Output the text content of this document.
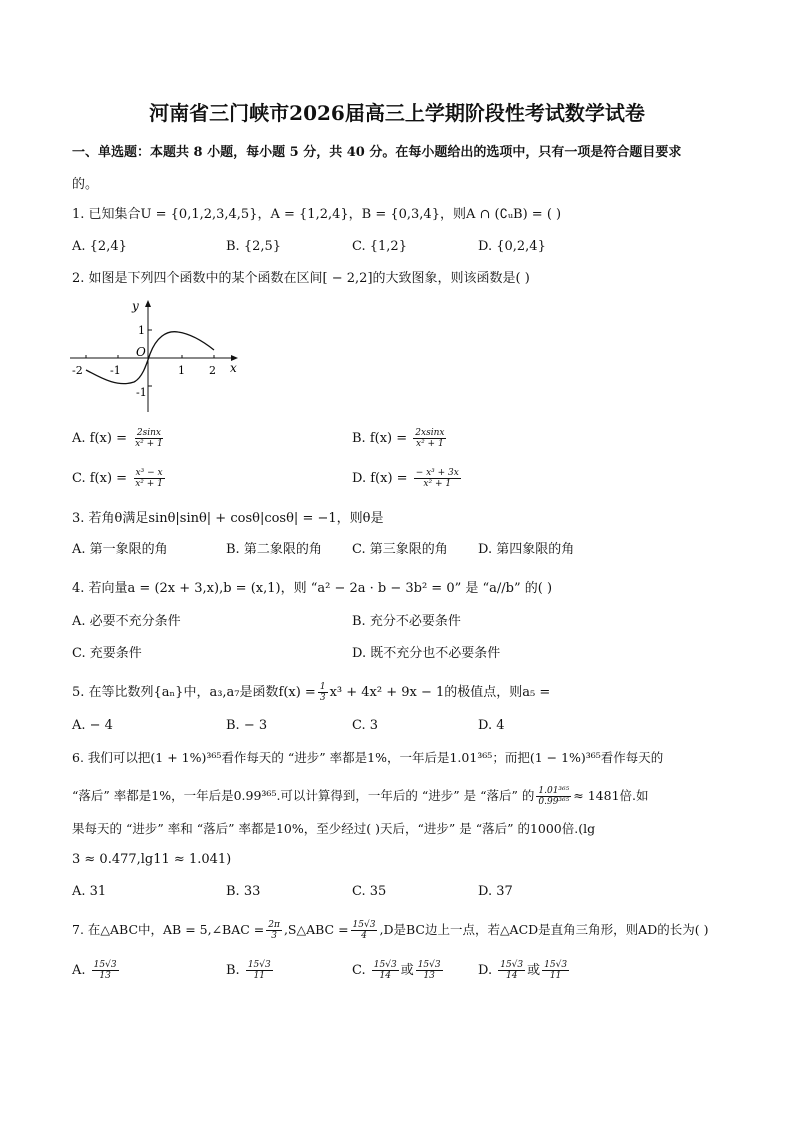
河南省三门峡市2026届高三上学期阶段性考试数学试卷
一、单选题：本题共 8 小题，每小题 5 分，共 40 分。在每小题给出的选项中，只有一项是符合题目要求
的。
1. 已知集合U = {0,1,2,3,4,5}，A = {1,2,4}，B = {0,3,4}，则A ∩ (∁ᵤB) = ( )
A. {2,4}	B. {2,5}	C. {1,2}	D. {0,2,4}
2. 如图是下列四个函数中的某个函数在区间[ − 2,2]的大致图象，则该函数是( )
y
x
O
-2 -1	1 2
1
-1
A. $f(x) = \frac{2\sin x}{\text{x² + 1}}$	B. $f(x) = \frac{2xsinx}{\text{x² + 1}}$
C. $f(x) = \frac{\text{x³ − x}}{\text{x² + 1}}$	D. $f(x) = \frac{\text{− x³ + 3x}}{\text{x² + 1}}$
3. 若角θ满足sinθ|sinθ| + cosθ|cosθ| = −1，则θ是
A. 第一象限的角	B. 第二象限的角 C. 第三象限的角 D. 第四象限的角
4. 若向量a = (2x + 3,x),b = (x,1)，则 “a² − 2a · b − 3b² = 0” 是 “a//b” 的( )
A. 必要不充分条件	B. 充分不必要条件
C. 充要条件	D. 既不充分也不必要条件
5. 在等比数列{aₙ}中，a₃,a₇是函数$f(x) = \frac{1}{3} x^3 + 4x^2 + 9x - 1$的极值点，则a₅ =
A. − 4	B. − 3	C. 3	D. 4
6. 我们可以把(1 + 1%)³⁶⁵看作每天的 “进步” 率都是1%，一年后是1.01³⁶⁵；而把(1 − 1%)³⁶⁵看作每天的
“落后” 率都是1%，一年后是0.99³⁶⁵.可以计算得到，一年后的 “进步” 是 “落后” 的 $\frac{\text{1.01³⁶⁵}}{\text{0.99³⁶⁵}} \approx 1481$倍.如
果每天的 “进步” 率和 “落后” 率都是10%，至少经过( )天后，“进步” 是 “落后” 的1000倍.(lg
3 ≈ 0.477,lg11 ≈ 1.041)
A. 31	B. 33	C. 35	D. 37
7. 在△ABC中，AB = 5,∠BAC = $\frac{2\pi}{3}$ ,S△ABC = $\frac{15√3}{4} ,D$是BC边上一点，若△ACD是直角三角形，则AD的长为( )
A. $\frac{15√3}{13}$	B. $\frac{15√3}{11}$	C. $\frac{15√3}{14}$ 或 $\frac{15√3}{13}$	D. $\frac{15√3}{14}$ 或 $\frac{15√3}{11}$
